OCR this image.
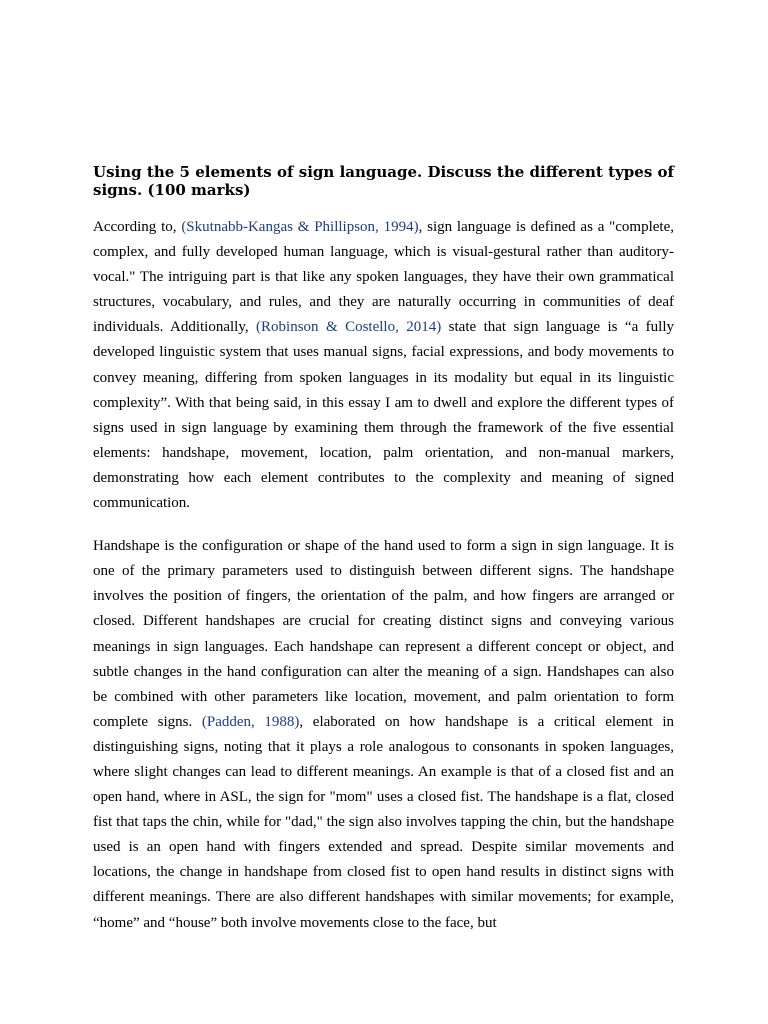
Using the 5 elements of sign language. Discuss the different types of signs. (100 marks)

According to, (Skutnabb-Kangas & Phillipson, 1994), sign language is defined as a "complete, complex, and fully developed human language, which is visual-gestural rather than auditory-vocal." The intriguing part is that like any spoken languages, they have their own grammatical structures, vocabulary, and rules, and they are naturally occurring in communities of deaf individuals. Additionally, (Robinson & Costello, 2014) state that sign language is “a fully developed linguistic system that uses manual signs, facial expressions, and body movements to convey meaning, differing from spoken languages in its modality but equal in its linguistic complexity”. With that being said, in this essay I am to dwell and explore the different types of signs used in sign language by examining them through the framework of the five essential elements: handshape, movement, location, palm orientation, and non-manual markers, demonstrating how each element contributes to the complexity and meaning of signed communication.

Handshape is the configuration or shape of the hand used to form a sign in sign language. It is one of the primary parameters used to distinguish between different signs. The handshape involves the position of fingers, the orientation of the palm, and how fingers are arranged or closed. Different handshapes are crucial for creating distinct signs and conveying various meanings in sign languages. Each handshape can represent a different concept or object, and subtle changes in the hand configuration can alter the meaning of a sign. Handshapes can also be combined with other parameters like location, movement, and palm orientation to form complete signs. (Padden, 1988), elaborated on how handshape is a critical element in distinguishing signs, noting that it plays a role analogous to consonants in spoken languages, where slight changes can lead to different meanings. An example is that of a closed fist and an open hand, where in ASL, the sign for "mom" uses a closed fist. The handshape is a flat, closed fist that taps the chin, while for "dad," the sign also involves tapping the chin, but the handshape used is an open hand with fingers extended and spread. Despite similar movements and locations, the change in handshape from closed fist to open hand results in distinct signs with different meanings. There are also different handshapes with similar movements; for example, “home” and “house” both involve movements close to the face, but
